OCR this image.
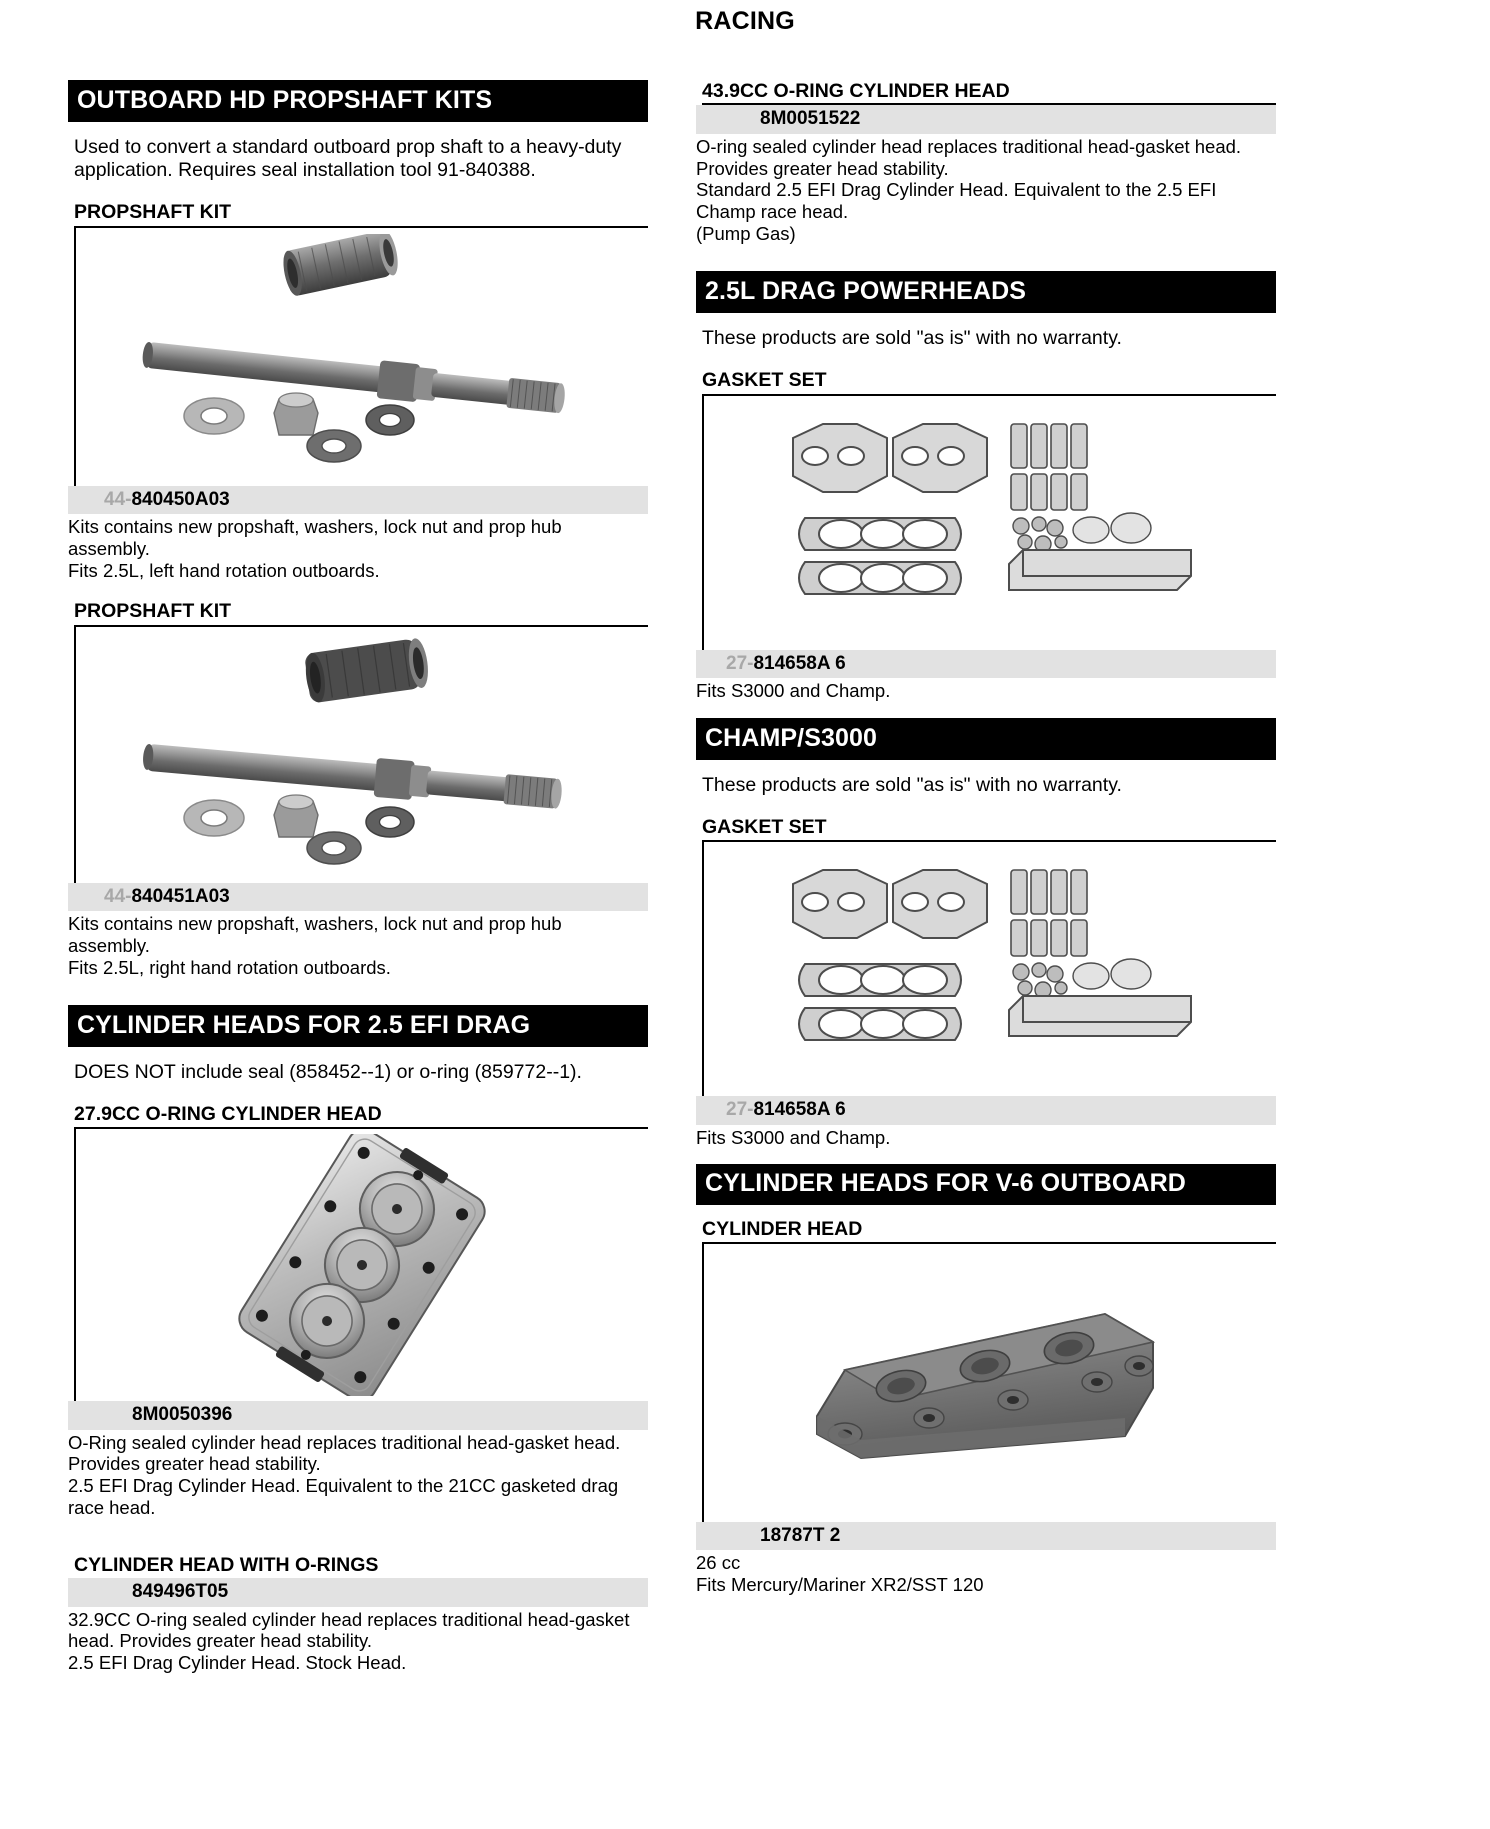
RACING
OUTBOARD HD PROPSHAFT KITS
Used to convert a standard outboard prop shaft to a heavy-duty application. Requires seal installation tool 91-840388.
PROPSHAFT KIT
44-840450A03

Kits contains new propshaft, washers, lock nut and prop hub assembly.

Fits 2.5L, left hand rotation outboards.

PROPSHAFT KIT
44-840451A03

Kits contains new propshaft, washers, lock nut and prop hub assembly.

Fits 2.5L, right hand rotation outboards.

CYLINDER HEADS FOR 2.5 EFI DRAG
DOES NOT include seal (858452--1) or o-ring (859772--1).
27.9CC O-RING CYLINDER HEAD
8M0050396

O-Ring sealed cylinder head replaces traditional head-gasket head. Provides greater head stability.

2.5 EFI Drag Cylinder Head. Equivalent to the 21CC gasketed drag race head.

CYLINDER HEAD WITH O-RINGS
849496T05

32.9CC O-ring sealed cylinder head replaces traditional head-gasket head. Provides greater head stability.

2.5 EFI Drag Cylinder Head. Stock Head.

43.9CC O-RING CYLINDER HEAD
8M0051522

O-ring sealed cylinder head replaces traditional head-gasket head. Provides greater head stability.

Standard 2.5 EFI Drag Cylinder Head. Equivalent to the 2.5 EFI Champ race head.

(Pump Gas)

2.5L DRAG POWERHEADS
These products are sold "as is" with no warranty.
GASKET SET
27-814658A 6

Fits S3000 and Champ.

CHAMP/S3000
These products are sold "as is" with no warranty.
GASKET SET
27-814658A 6

Fits S3000 and Champ.

CYLINDER HEADS FOR V-6 OUTBOARD
CYLINDER HEAD
18787T 2

26 cc

Fits Mercury/Mariner XR2/SST 120
